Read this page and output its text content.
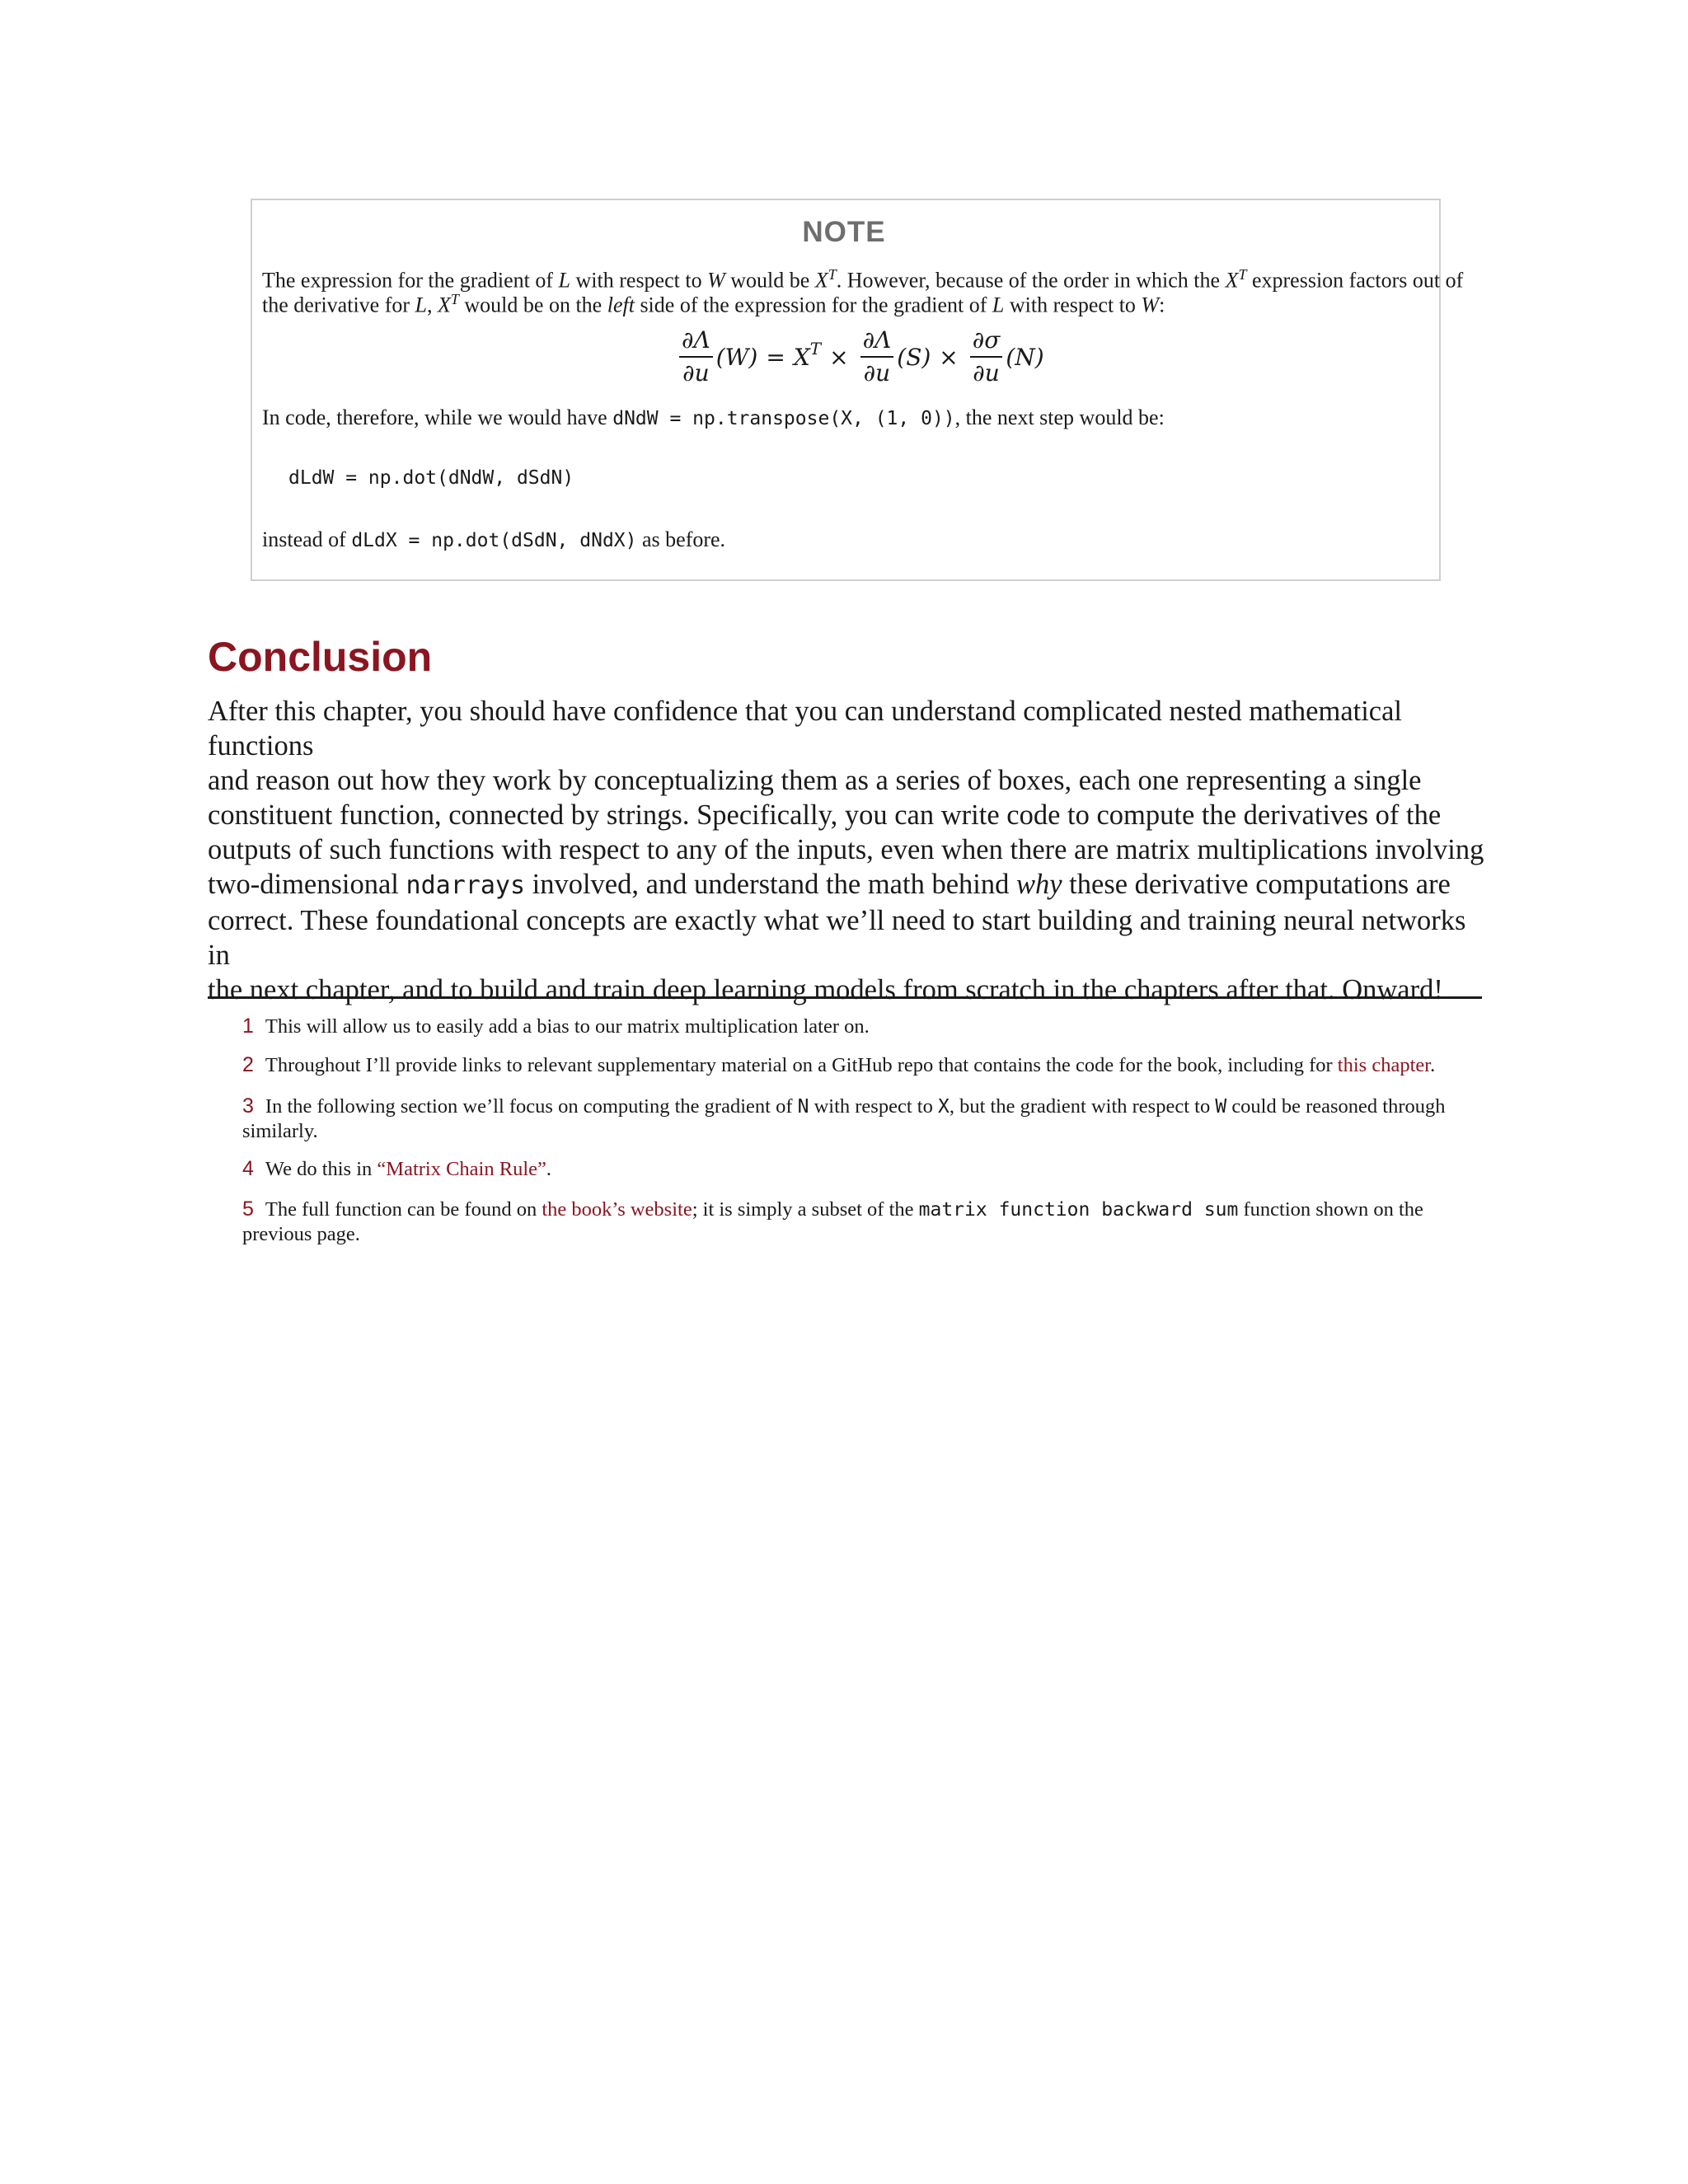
NOTE
The expression for the gradient of L with respect to W would be $X^T$. However, because of the order in which the $X^T$ expression factors out of
the derivative for L, $X^T$ would be on the left side of the expression for the gradient of L with respect to W:
$\frac{\partial\Lambda}{\partial u} (W) = X$ $T \times \frac{\partial\Lambda}{\partial u} (S) \times \frac{\partial\sigma}{\partial u} (N)$
In code, therefore, while we would have dNdW = np.transpose(X, (1, 0)), the next step would be:
dLdW = np.dot(dNdW, dSdN)
instead of dLdX = np.dot(dSdN, dNdX) as before.
Conclusion

After this chapter, you should have confidence that you can understand complicated nested mathematical functions
and reason out how they work by conceptualizing them as a series of boxes, each one representing a single
constituent function, connected by strings. Specifically, you can write code to compute the derivatives of the
outputs of such functions with respect to any of the inputs, even when there are matrix multiplications involving
two-dimensional ndarrays involved, and understand the math behind why these derivative computations are
correct. These foundational concepts are exactly what we’ll need to start building and training neural networks in
the next chapter, and to build and train deep learning models from scratch in the chapters after that. Onward!

1 This will allow us to easily add a bias to our matrix multiplication later on.
2 Throughout I’ll provide links to relevant supplementary material on a GitHub repo that contains the code for the book, including for this chapter.
3 In the following section we’ll focus on computing the gradient of N with respect to X, but the gradient with respect to W could be reasoned through
similarly.
4 We do this in “Matrix Chain Rule”.
5 The full function can be found on the book’s website; it is simply a subset of the matrix function backward sum function shown on the
previous page.
